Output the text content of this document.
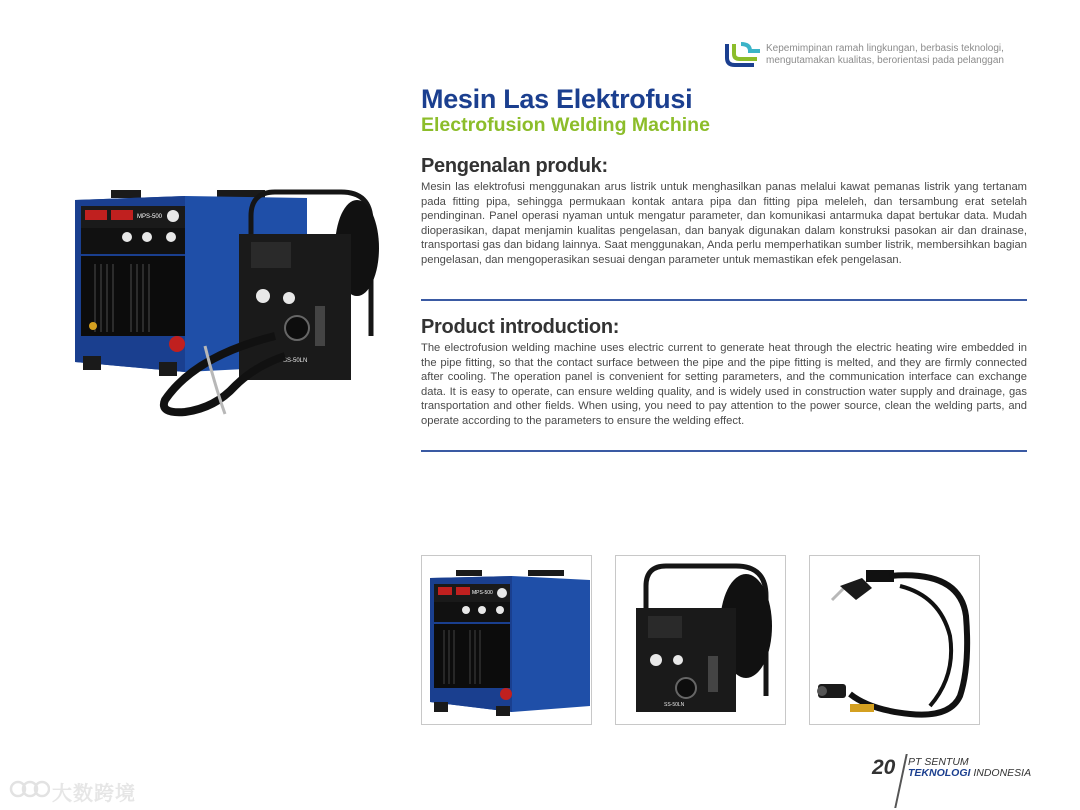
Kepemimpinan ramah lingkungan, berbasis teknologi,
mengutamakan kualitas, berorientasi pada pelanggan
MPS-500
SS-50LN
Mesin Las Elektrofusi
Electrofusion Welding Machine
Pengenalan produk:
Mesin las elektrofusi menggunakan arus listrik untuk menghasilkan panas melalui kawat pemanas listrik yang tertanam pada fitting pipa, sehingga permukaan kontak antara pipa dan fitting pipa meleleh, dan tersambung erat setelah pendinginan. Panel operasi nyaman untuk mengatur parameter, dan komunikasi antarmuka dapat bertukar data. Mudah dioperasikan, dapat menjamin kualitas pengelasan, dan banyak digunakan dalam konstruksi pasokan air dan drainase, transportasi gas dan bidang lainnya. Saat menggunakan, Anda perlu memperhatikan sumber listrik, membersihkan bagian pengelasan, dan mengoperasikan sesuai dengan parameter untuk memastikan efek pengelasan.
Product introduction:
The electrofusion welding machine uses electric current to generate heat through the electric heating wire embedded in the pipe fitting, so that the contact surface between the pipe and the pipe fitting is melted, and they are firmly connected after cooling. The operation panel is convenient for setting parameters, and the communication interface can exchange data. It is easy to operate, can ensure welding quality, and is widely used in construction water supply and drainage, gas transportation and other fields. When using, you need to pay attention to the power source, clean the welding parts, and operate according to the parameters to ensure the welding effect.
MPS-500
SS-50LN
20 PT SENTUM
TEKNOLOGI INDONESIA
大数跨境
